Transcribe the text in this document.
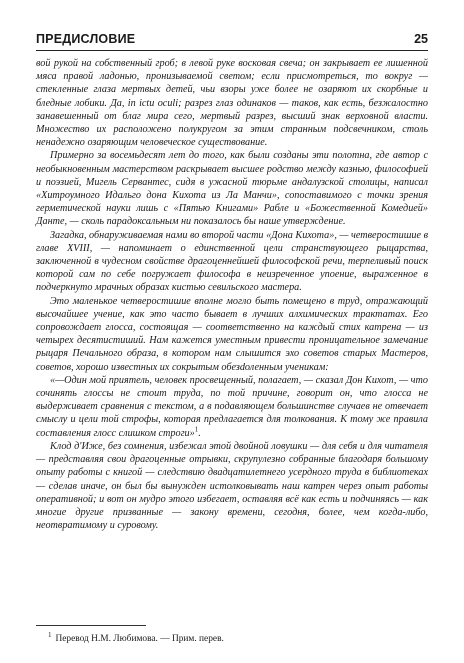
ПРЕДИСЛОВИЕ	25

вой рукой на собственный гроб; в левой руке восковая свеча; он закрывает ее лишенной мяса правой ладонью, пронизываемой светом; если присмотреться, то вокруг — стекленные глаза мертвых детей, чьи взоры уже более не озаряют их скорбные и бледные лобики. Да, in ictu oculi; разрез глаз одинаков — таков, как есть, безжалостно занавешенный от благ мира сего, мертвый разрез, высший знак верховной власти. Множество их расположено полукругом за этим странным подсвечником, столь ненадежно озаряющим человеческое существование.

Примерно за восемьдесят лет до того, как были созданы эти полотна, где автор с необыкновенным мастерством раскрывает высшее родство между казнью, философией и поэзией, Мигель Сервантес, сидя в ужасной тюрьме андалузской столицы, написал «Хитроумного Идальго дона Кихота из Ла Манчи», сопоставимого с точки зрения герметической науки лишь с «Пятью Книгами» Рабле и «Божественной Комедией» Данте, — сколь парадоксальным ни показалось бы наше утверждение.

Загадка, обнаруживаемая нами во второй части «Дона Кихота», — четверостишие в главе XVIII, — напоминает о единственной цели странствующего рыцарства, заключенной в чудесном свойстве драгоценнейшей философской речи, терпеливый поиск которой сам по себе погружает философа в неизреченное упоение, выраженное в подчеркнуто мрачных образах кистью севильского мастера.

Это маленькое четверостишие вполне могло быть помещено в труд, отражающий высочайшее учение, как это часто бывает в лучших алхимических трактатах. Его сопровождает глосса, состоящая — соответственно на каждый стих катрена — из четырех десятистиший. Нам кажется уместным привести проницательное замечание рыцаря Печального образа, в котором нам слышится эхо советов старых Мастеров, советов, хорошо известных их сокрытым обезdоленным ученикам:

«—Один мой приятель, человек просвещенный, полагает, — сказал Дон Кихот, — что сочинять глоссы не стоит труда, по той причине, говорит он, что глосса не выдерживает сравнения с текстом, а в подавляющем большинстве случаев не отвечает смыслу и цели той строфы, которая предлагается для толкования. К тому же правила составления глосс слишком строги»$^1$.

Клод д'Иже, без сомнения, избежал этой двойной ловушки — для себя и для читателя — представляя свои драгоценные отрывки, скрупулезно собранные благодаря большому опыту работы с книгой — следствию двадцатилетнего усердного труда в библиотеках — сделав иначе, он был бы вынужден истолковывать наш катрен через опыт работы оперативной; и вот он мудро этого избегает, оставляя всё как есть и подчиняясь — как многие другие призванные — закону времени, сегодня, более, чем когда-либо, неотвратимому и суровому.

$^1$ Перевод Н.М. Любимова. — Прим. перев.
